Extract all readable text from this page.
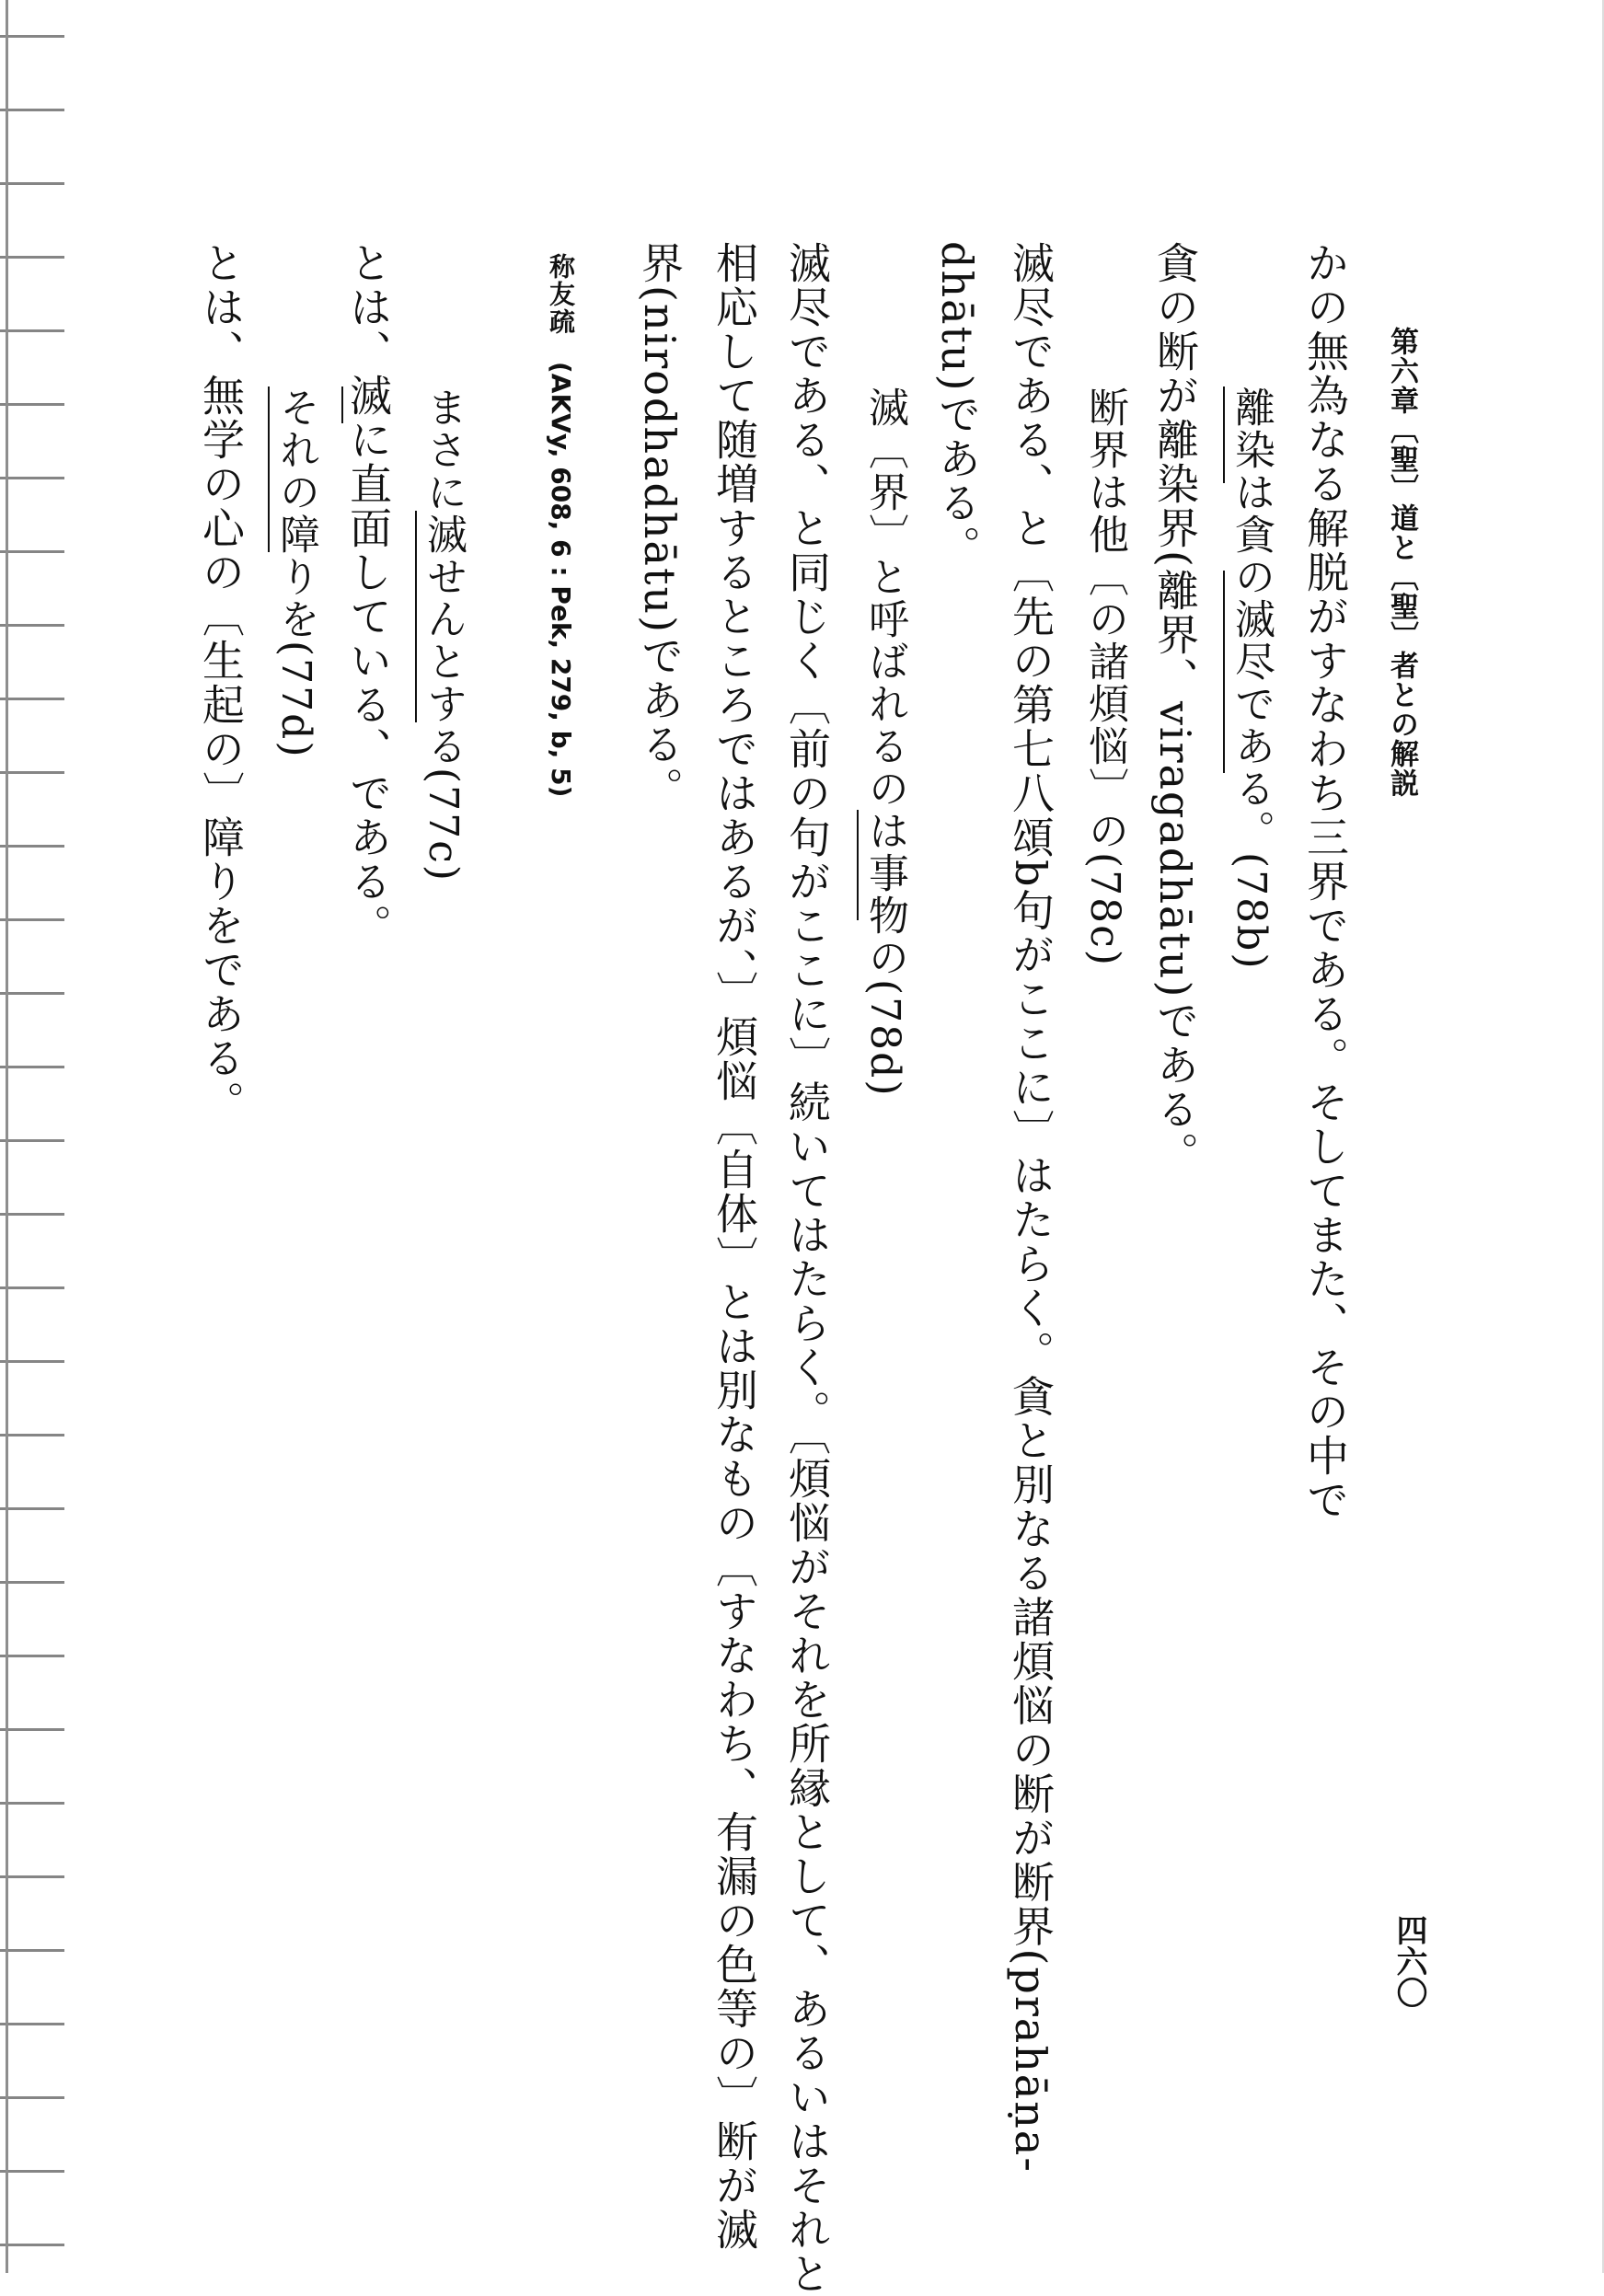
第六章〔聖〕道と〔聖〕者との解説
四六〇
かの無為なる解脱がすなわち三界である。そしてまた、その中で
離染は貪の滅尽である。(78b)
貪の断が離染界(離界、viragadhātu)である。
断界は他〔の諸煩悩〕の(78c)
滅尽である、と〔先の第七八頌b句がここに〕はたらく。貪と別なる諸煩悩の断が断界(prahāṇa-
dhātu)である。
滅〔界〕と呼ばれるのは事物の(78d)
滅尽である、と同じく〔前の句がここに〕続いてはたらく。〔煩悩がそれを所縁として、あるいはそれと
相応して随増するところではあるが、〕煩悩〔自体〕とは別なもの〔すなわち、有漏の色等の〕断が滅
界(nirodhadhātu)である。
称友疏　(AKVy, 608, 6 : Pek, 279, b, 5)
まさに滅せんとする(77c)
とは、滅に直面している、である。
それの障りを(77d)
とは、無学の心の〔生起の〕障りをである。
